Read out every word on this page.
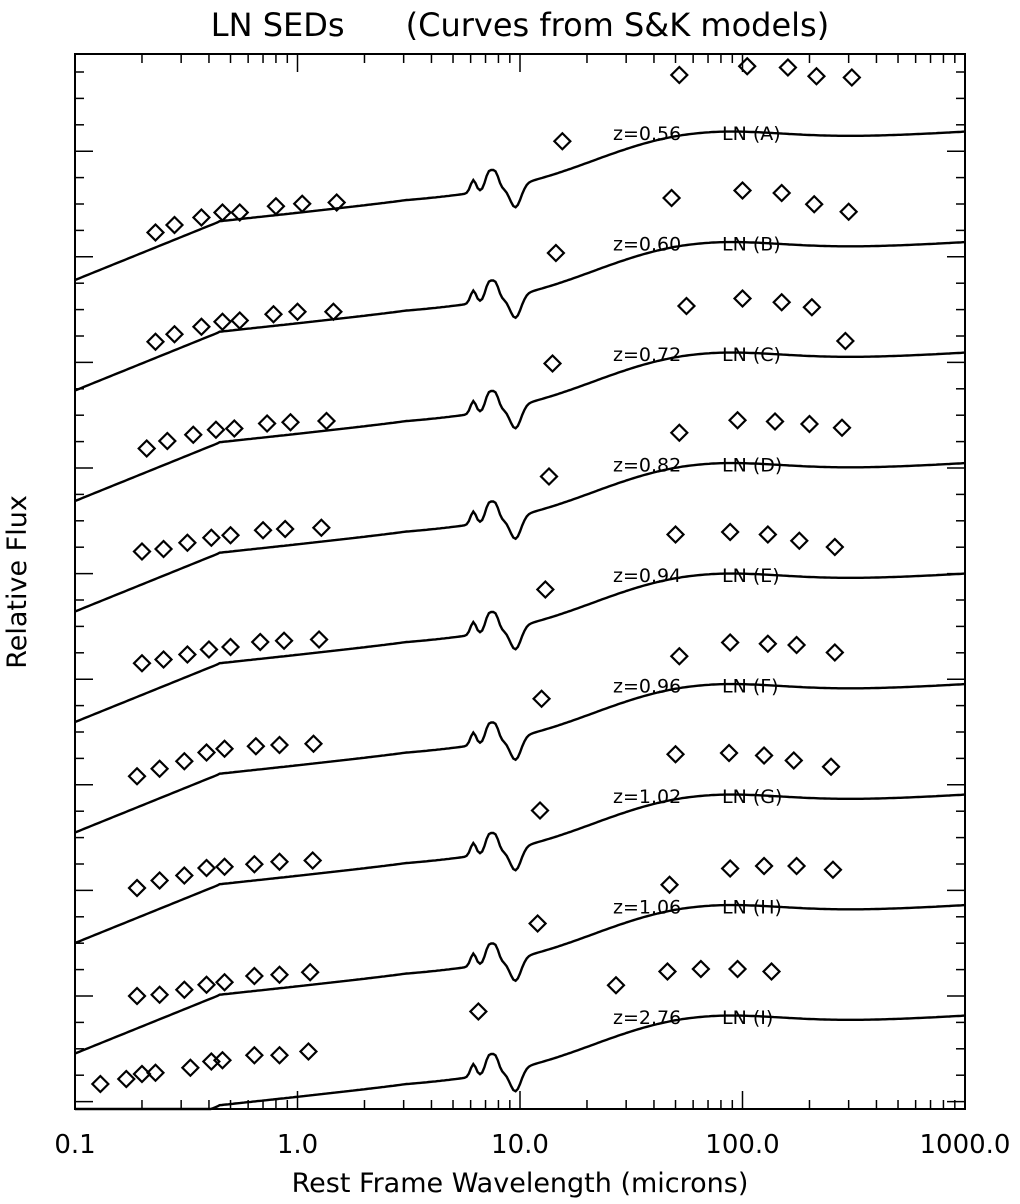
LN SEDs      (Curves from S&K models)
0.1	1.0	10.0	100.0	1000.0
z=0.56 LN (A)
z=0.60 LN (B)
z=0.72 LN (C)
z=0.82 LN (D)
z=0.94 LN (E)
z=0.96 LN (F)
z=1.02 LN (G)
z=1.06 LN (H)
z=2.76 LN (I)
Rest Frame Wavelength (microns)
Relative Flux
